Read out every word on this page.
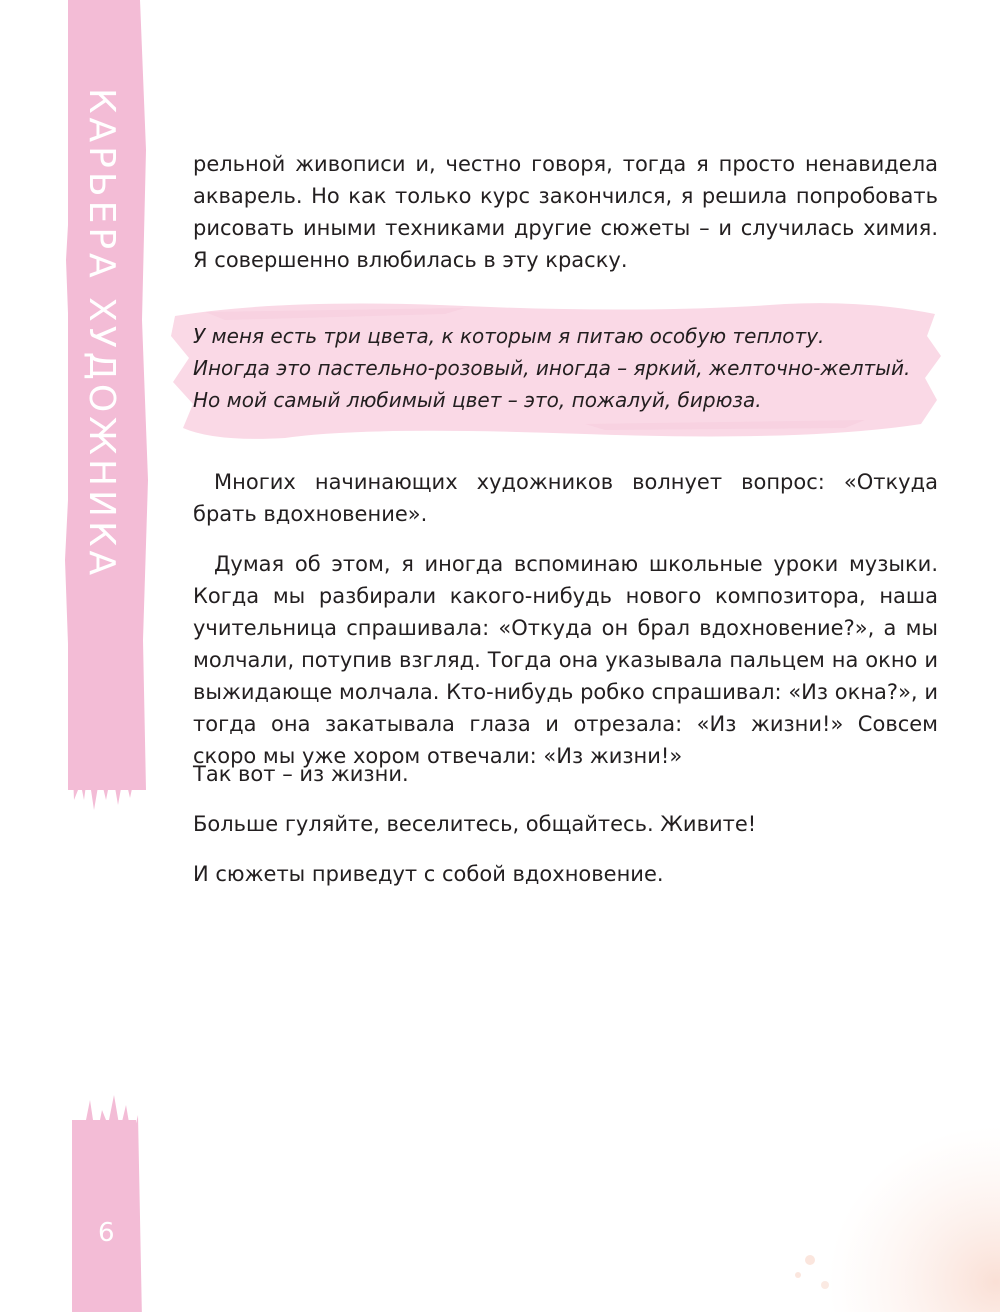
КАРЬЕРА ХУДОЖНИКА
6

рельной живописи и, честно говоря, тогда я просто ненавидела акварель. Но как только курс закончился, я решила попробовать рисовать иными техниками другие сюжеты – и случилась химия. Я совершенно влюбилась в эту краску.

У меня есть три цвета, к которым я питаю особую теплоту.
Иногда это пастельно-розовый, иногда – яркий, желточно-желтый.
Но мой самый любимый цвет – это, пожалуй, бирюза.

Многих начинающих художников волнует вопрос: «Откуда брать вдохновение».

Думая об этом, я иногда вспоминаю школьные уроки музыки. Когда мы разбирали какого-нибудь нового композитора, наша учительница спрашивала: «Откуда он брал вдохновение?», а мы молчали, потупив взгляд. Тогда она указывала пальцем на окно и выжидающе молчала. Кто-нибудь робко спрашивал: «Из окна?», и тогда она закатывала глаза и отрезала: «Из жизни!» Совсем скоро мы уже хором отвечали: «Из жизни!»

Так вот – из жизни.

Больше гуляйте, веселитесь, общайтесь. Живите!

И сюжеты приведут с собой вдохновение.
